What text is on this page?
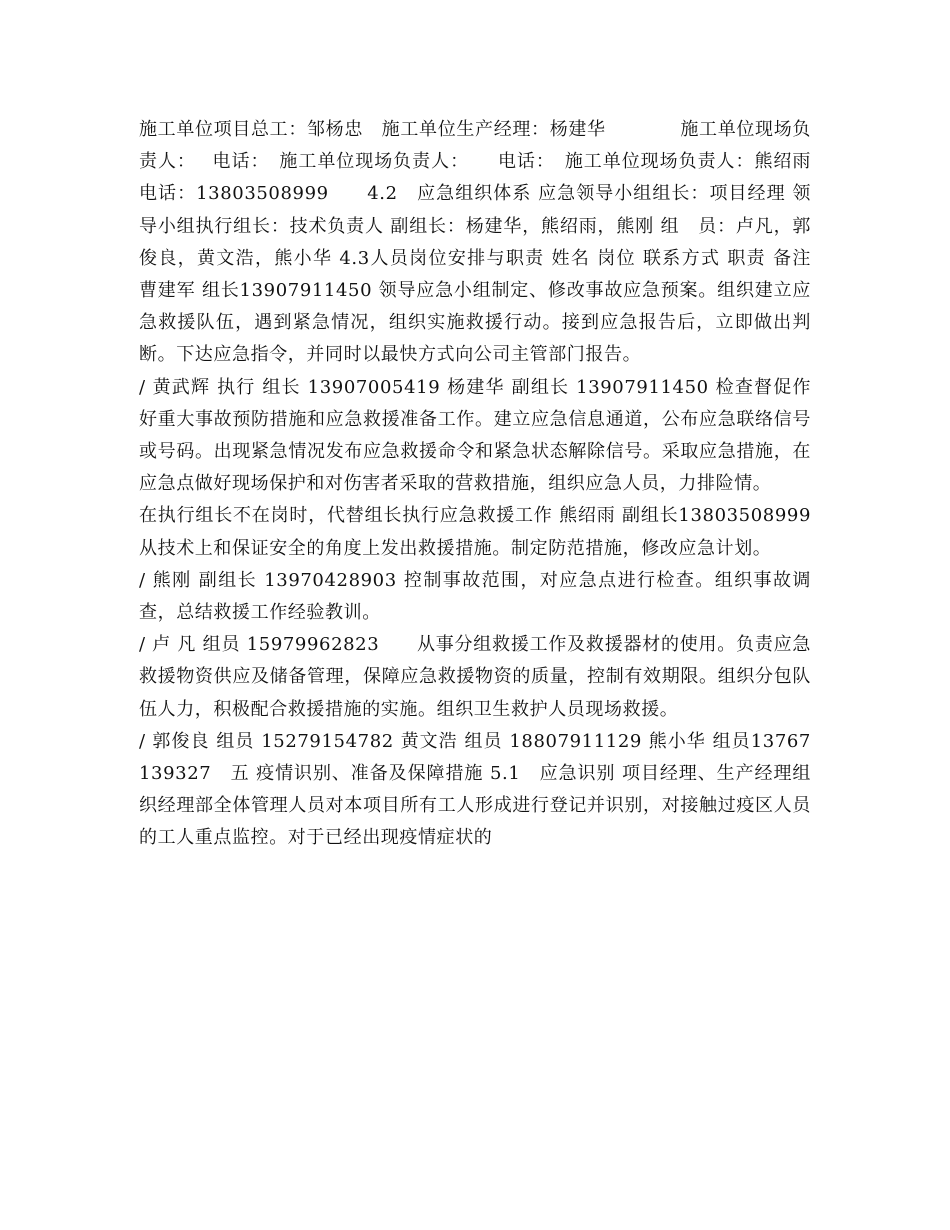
施工单位项目总工：邹杨忠　施工单位生产经理：杨建华　　　　施工单位现场负责人：　 电话：　施工单位现场负责人：　　电话：　施工单位现场负责人：熊绍雨 电话：13803508999　　4.2　应急组织体系 应急领导小组组长：项目经理 领导小组执行组长：技术负责人 副组长：杨建华，熊绍雨，熊刚 组　员：卢凡，郭俊良，黄文浩，熊小华 4.3人员岗位安排与职责 姓名 岗位 联系方式 职责 备注　曹建军 组长13907911450 领导应急小组制定、修改事故应急预案。组织建立应急救援队伍，遇到紧急情况，组织实施救援行动。接到应急报告后，立即做出判断。下达应急指令，并同时以最快方式向公司主管部门报告。

/ 黄武辉 执行 组长 13907005419 杨建华 副组长 13907911450 检查督促作好重大事故预防措施和应急救援准备工作。建立应急信息通道，公布应急联络信号或号码。出现紧急情况发布应急救援命令和紧急状态解除信号。采取应急措施，在应急点做好现场保护和对伤害者采取的营救措施，组织应急人员，力排险情。

在执行组长不在岗时，代替组长执行应急救援工作 熊绍雨 副组长13803508999 从技术上和保证安全的角度上发出救援措施。制定防范措施，修改应急计划。

/ 熊刚 副组长 13970428903 控制事故范围，对应急点进行检查。组织事故调查，总结救援工作经验教训。

/ 卢 凡 组员 15979962823　　从事分组救援工作及救援器材的使用。负责应急救援物资供应及储备管理，保障应急救援物资的质量，控制有效期限。组织分包队伍人力，积极配合救援措施的实施。组织卫生救护人员现场救援。

/ 郭俊良 组员 15279154782 黄文浩 组员 18807911129 熊小华 组员13767139327　五 疫情识别、准备及保障措施 5.1　应急识别 项目经理、生产经理组织经理部全体管理人员对本项目所有工人形成进行登记并识别，对接触过疫区人员的工人重点监控。对于已经出现疫情症状的
